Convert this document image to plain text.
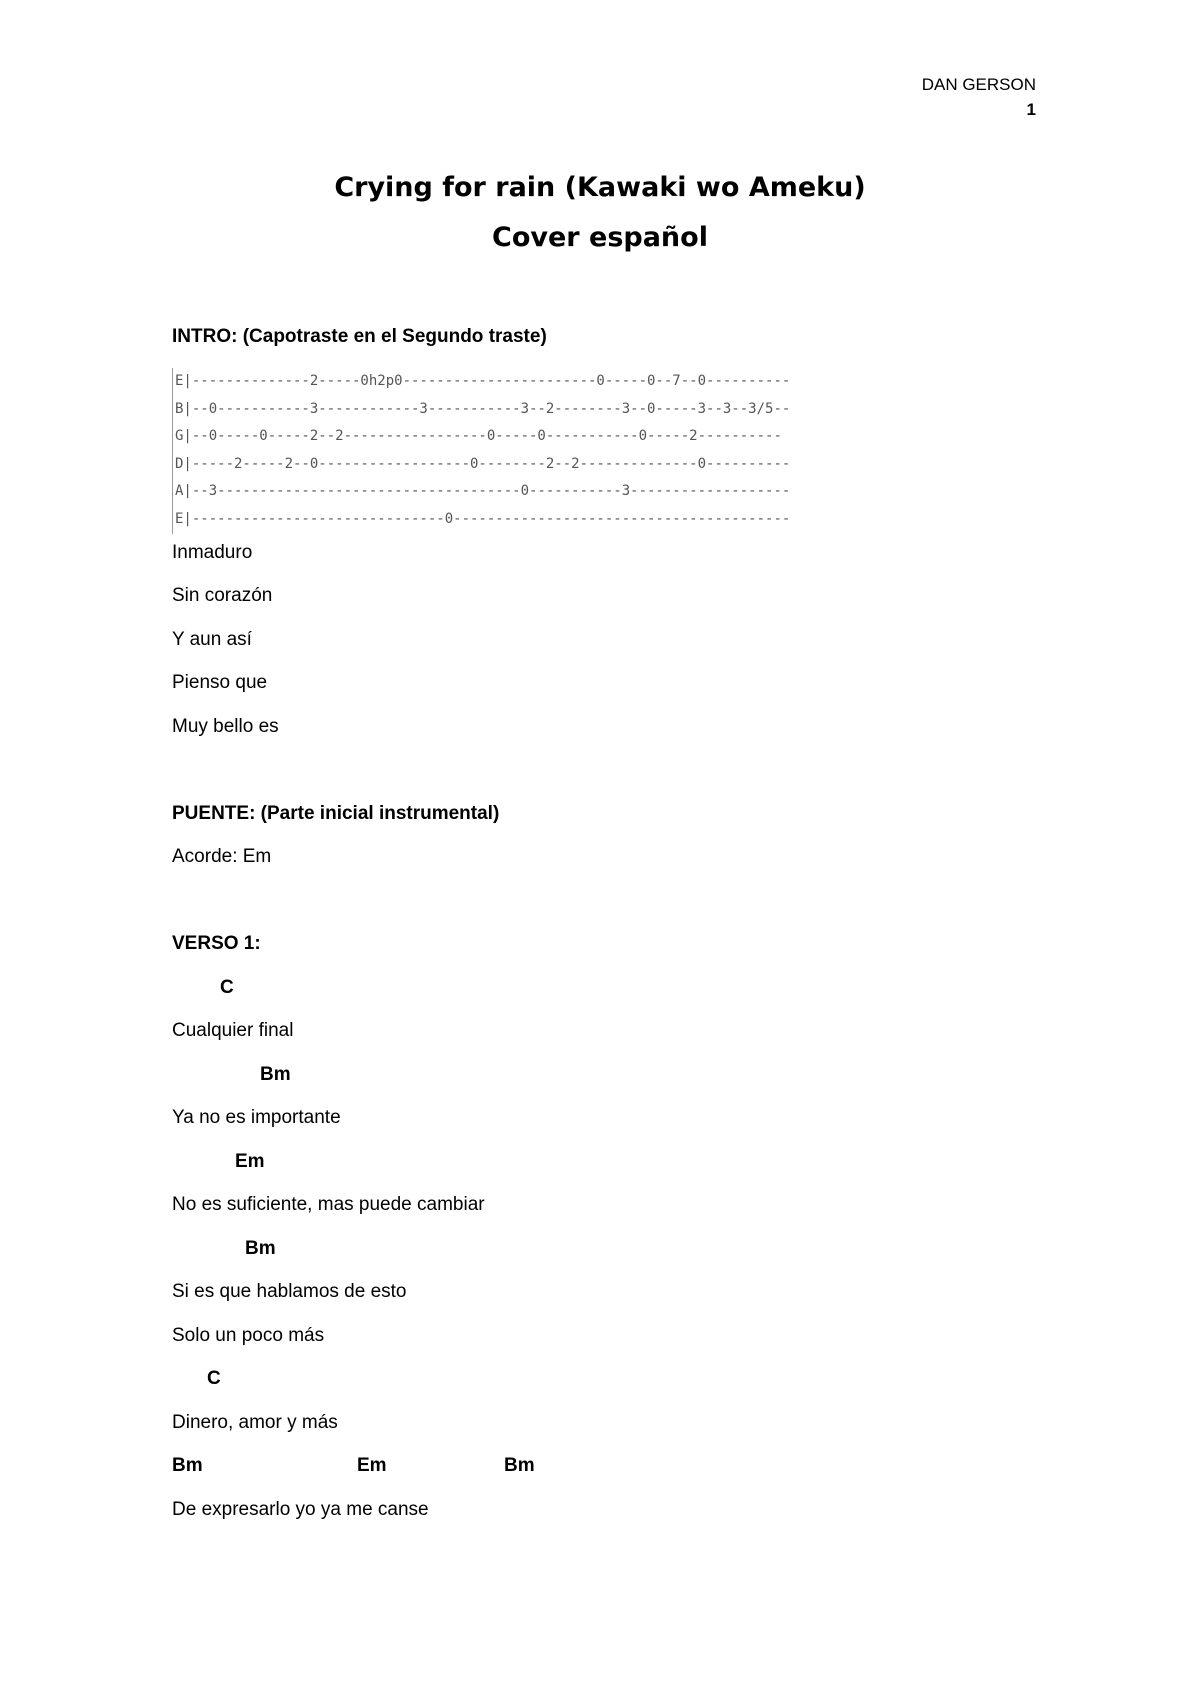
DAN GERSON
1
Crying for rain (Kawaki wo Ameku)
Cover español
INTRO: (Capotraste en el Segundo traste)
E|--------------2-----0h2p0-----------------------0-----0--7--0----------
B|--0-----------3------------3-----------3--2--------3--0-----3--3--3/5--
G|--0-----0-----2--2-----------------0-----0-----------0-----2----------
D|-----2-----2--0------------------0--------2--2--------------0----------
A|--3------------------------------------0-----------3-------------------
E|------------------------------0----------------------------------------
Inmaduro
Sin corazón
Y aun así
Pienso que
Muy bello es
PUENTE: (Parte inicial instrumental)
Acorde: Em
VERSO 1:
C
Cualquier final
Bm
Ya no es importante
Em
No es suficiente, mas puede cambiar
Bm
Si es que hablamos de esto
Solo un poco más
C
Dinero, amor y más
Bm	Em	Bm
De expresarlo yo ya me canse
